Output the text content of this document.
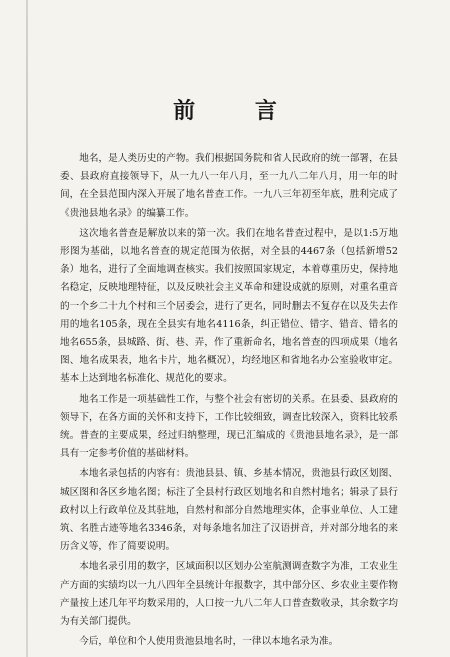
前 言

地名，是人类历史的产物。我们根据国务院和省人民政府的统一部署，在县委、县政府直接领导下，从一九八一年八月，至一九八二年八月，用一年的时间，在全县范围内深入开展了地名普查工作。一九八三年初至年底，胜利完成了《贵池县地名录》的编纂工作。

这次地名普查是解放以来的第一次。我们在地名普查过程中，是以1:5万地形图为基础，以地名普查的规定范围为依据，对全县的4467条（包括新增52条）地名，进行了全面地调查核实。我们按照国家规定，本着尊重历史，保持地名稳定，反映地理特征，以及反映社会主义革命和建设成就的原则，对重名重音的一个乡二十九个村和三个居委会，进行了更名，同时删去不复存在以及失去作用的地名105条，现在全县实有地名4116条，纠正错位、错字、错音、错名的地名655条，县城路、街、巷、弄，作了重新命名，地名普查的四项成果（地名图、地名成果表，地名卡片，地名概况），均经地区和省地名办公室验收审定。基本上达到地名标准化、规范化的要求。

地名工作是一项基础性工作，与整个社会有密切的关系。在县委、县政府的领导下，在各方面的关怀和支持下，工作比较细致，调查比较深入，资料比较系统。普查的主要成果，经过归纳整理，现已汇编成的《贵池县地名录》，是一部具有一定参考价值的基础材料。

本地名录包括的内容有：贵池县县、镇、乡基本情况，贵池县行政区划图、城区图和各区乡地名图；标注了全县村行政区划地名和自然村地名；辑录了县行政村以上行政单位及其驻地，自然村和部分自然地理实体，企事业单位、人工建筑、名胜古迹等地名3346条，对每条地名加注了汉语拼音，并对部分地名的来历含义等，作了简要说明。

本地名录引用的数字，区域面积以区划办公室航测调查数字为准，工农业生产方面的实绩均以一九八四年全县统计年报数字，其中部分区、乡农业主要作物产量按上述几年平均数采用的，人口按一九八二年人口普查数收录，其余数字均为有关部门提供。

今后，单位和个人使用贵池县地名时，一律以本地名录为准。
